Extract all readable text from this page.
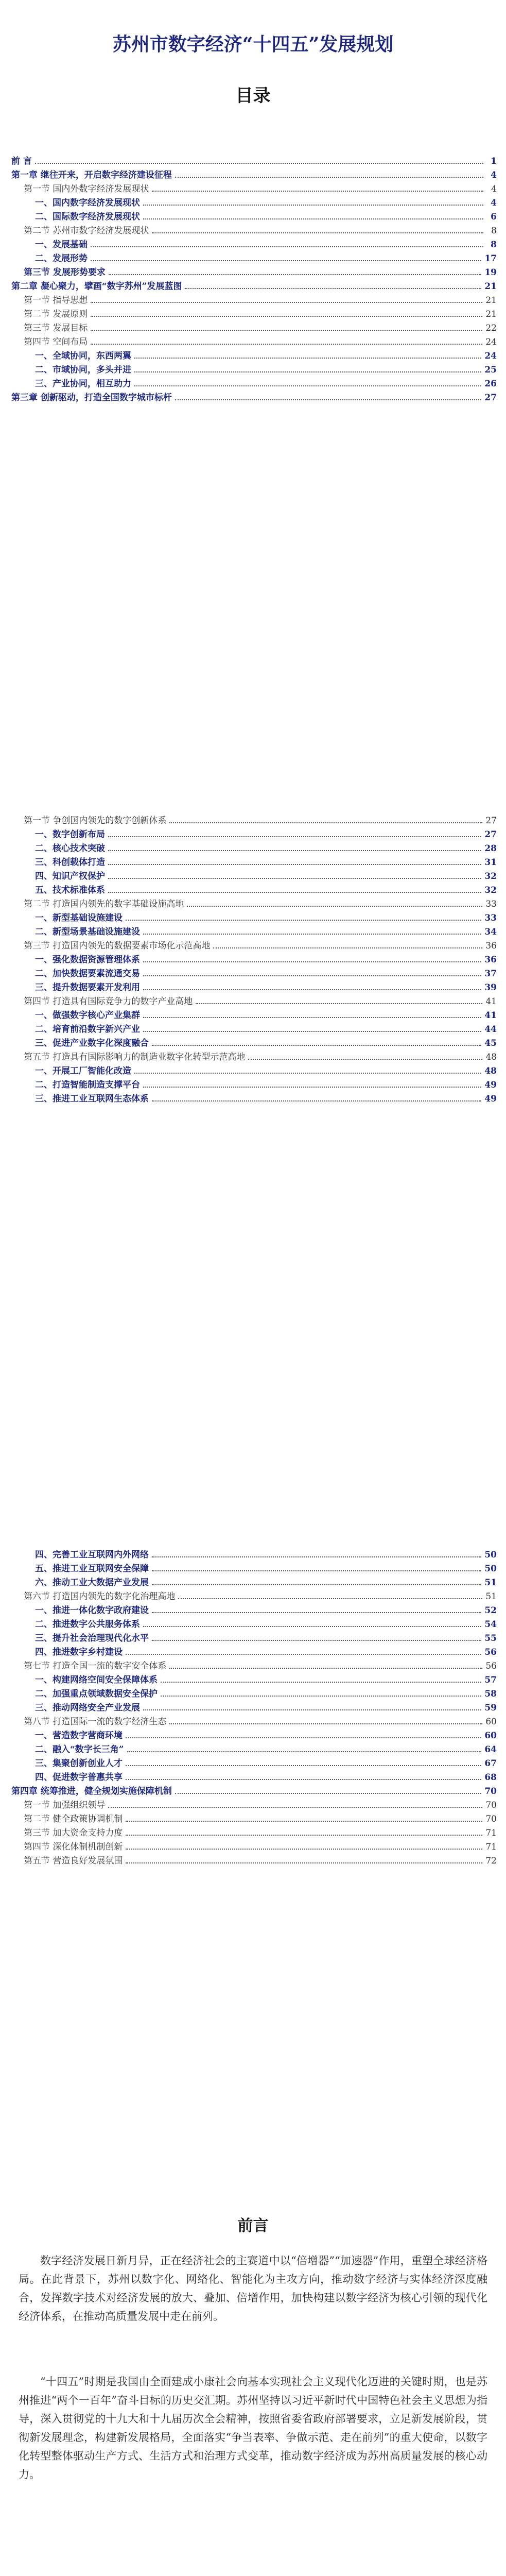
苏州市数字经济“十四五”发展规划
目录
前 言	1
第一章 继往开来，开启数字经济建设征程	4
第一节 国内外数字经济发展现状	4
一、国内数字经济发展现状	4
二、国际数字经济发展现状	6
第二节 苏州市数字经济发展现状	8
一、发展基础	8
二、发展形势	17
第三节 发展形势要求	19
第二章 凝心聚力，擘画“数字苏州”发展蓝图	21
第一节 指导思想	21
第二节 发展原则	21
第三节 发展目标	22
第四节 空间布局	24
一、全域协同，东西两翼	24
二、市域协同，多头并进	25
三、产业协同，相互助力	26
第三章 创新驱动，打造全国数字城市标杆	27
第一节 争创国内领先的数字创新体系	27
一、数字创新布局	27
二、核心技术突破	28
三、科创载体打造	31
四、知识产权保护	32
五、技术标准体系	32
第二节 打造国内领先的数字基础设施高地	33
一、新型基础设施建设	33
二、新型场景基础设施建设	34
第三节 打造国内领先的数据要素市场化示范高地	36
一、强化数据资源管理体系	36
二、加快数据要素流通交易	37
三、提升数据要素开发利用	39
第四节 打造具有国际竞争力的数字产业高地	41
一、做强数字核心产业集群	41
二、培育前沿数字新兴产业	44
三、促进产业数字化深度融合	45
第五节 打造具有国际影响力的制造业数字化转型示范高地	48
一、开展工厂智能化改造	48
二、打造智能制造支撑平台	49
三、推进工业互联网生态体系	49
四、完善工业互联网内外网络	50
五、推进工业互联网安全保障	50
六、推动工业大数据产业发展	51
第六节 打造国内领先的数字化治理高地	51
一、推进一体化数字政府建设	52
二、推进数字公共服务体系	54
三、提升社会治理现代化水平	55
四、推进数字乡村建设	56
第七节 打造全国一流的数字安全体系	56
一、构建网络空间安全保障体系	57
二、加强重点领域数据安全保护	58
三、推动网络安全产业发展	59
第八节 打造国际一流的数字经济生态	60
一、营造数字营商环境	60
二、融入“数字长三角”	64
三、集聚创新创业人才	67
四、促进数字普惠共享	68
第四章 统筹推进，健全规划实施保障机制	70
第一节 加强组织领导	70
第二节 健全政策协调机制	70
第三节 加大资金支持力度	71
第四节 深化体制机制创新	71
第五节 营造良好发展氛围	72
前言
数字经济发展日新月异，正在经济社会的主赛道中以“倍增器”“加速器”作用，重塑全球经济格局。在此背景下，苏州以数字化、网络化、智能化为主攻方向，推动数字经济与实体经济深度融合，发挥数字技术对经济发展的放大、叠加、倍增作用，加快构建以数字经济为核心引领的现代化经济体系，在推动高质量发展中走在前列。
“十四五”时期是我国由全面建成小康社会向基本实现社会主义现代化迈进的关键时期，也是苏州推进“两个一百年”奋斗目标的历史交汇期。苏州坚持以习近平新时代中国特色社会主义思想为指导，深入贯彻党的十九大和十九届历次全会精神，按照省委省政府部署要求，立足新发展阶段，贯彻新发展理念，构建新发展格局，全面落实“争当表率、争做示范、走在前列”的重大使命，以数字化转型整体驱动生产方式、生活方式和治理方式变革，推动数字经济成为苏州高质量发展的核心动力。
